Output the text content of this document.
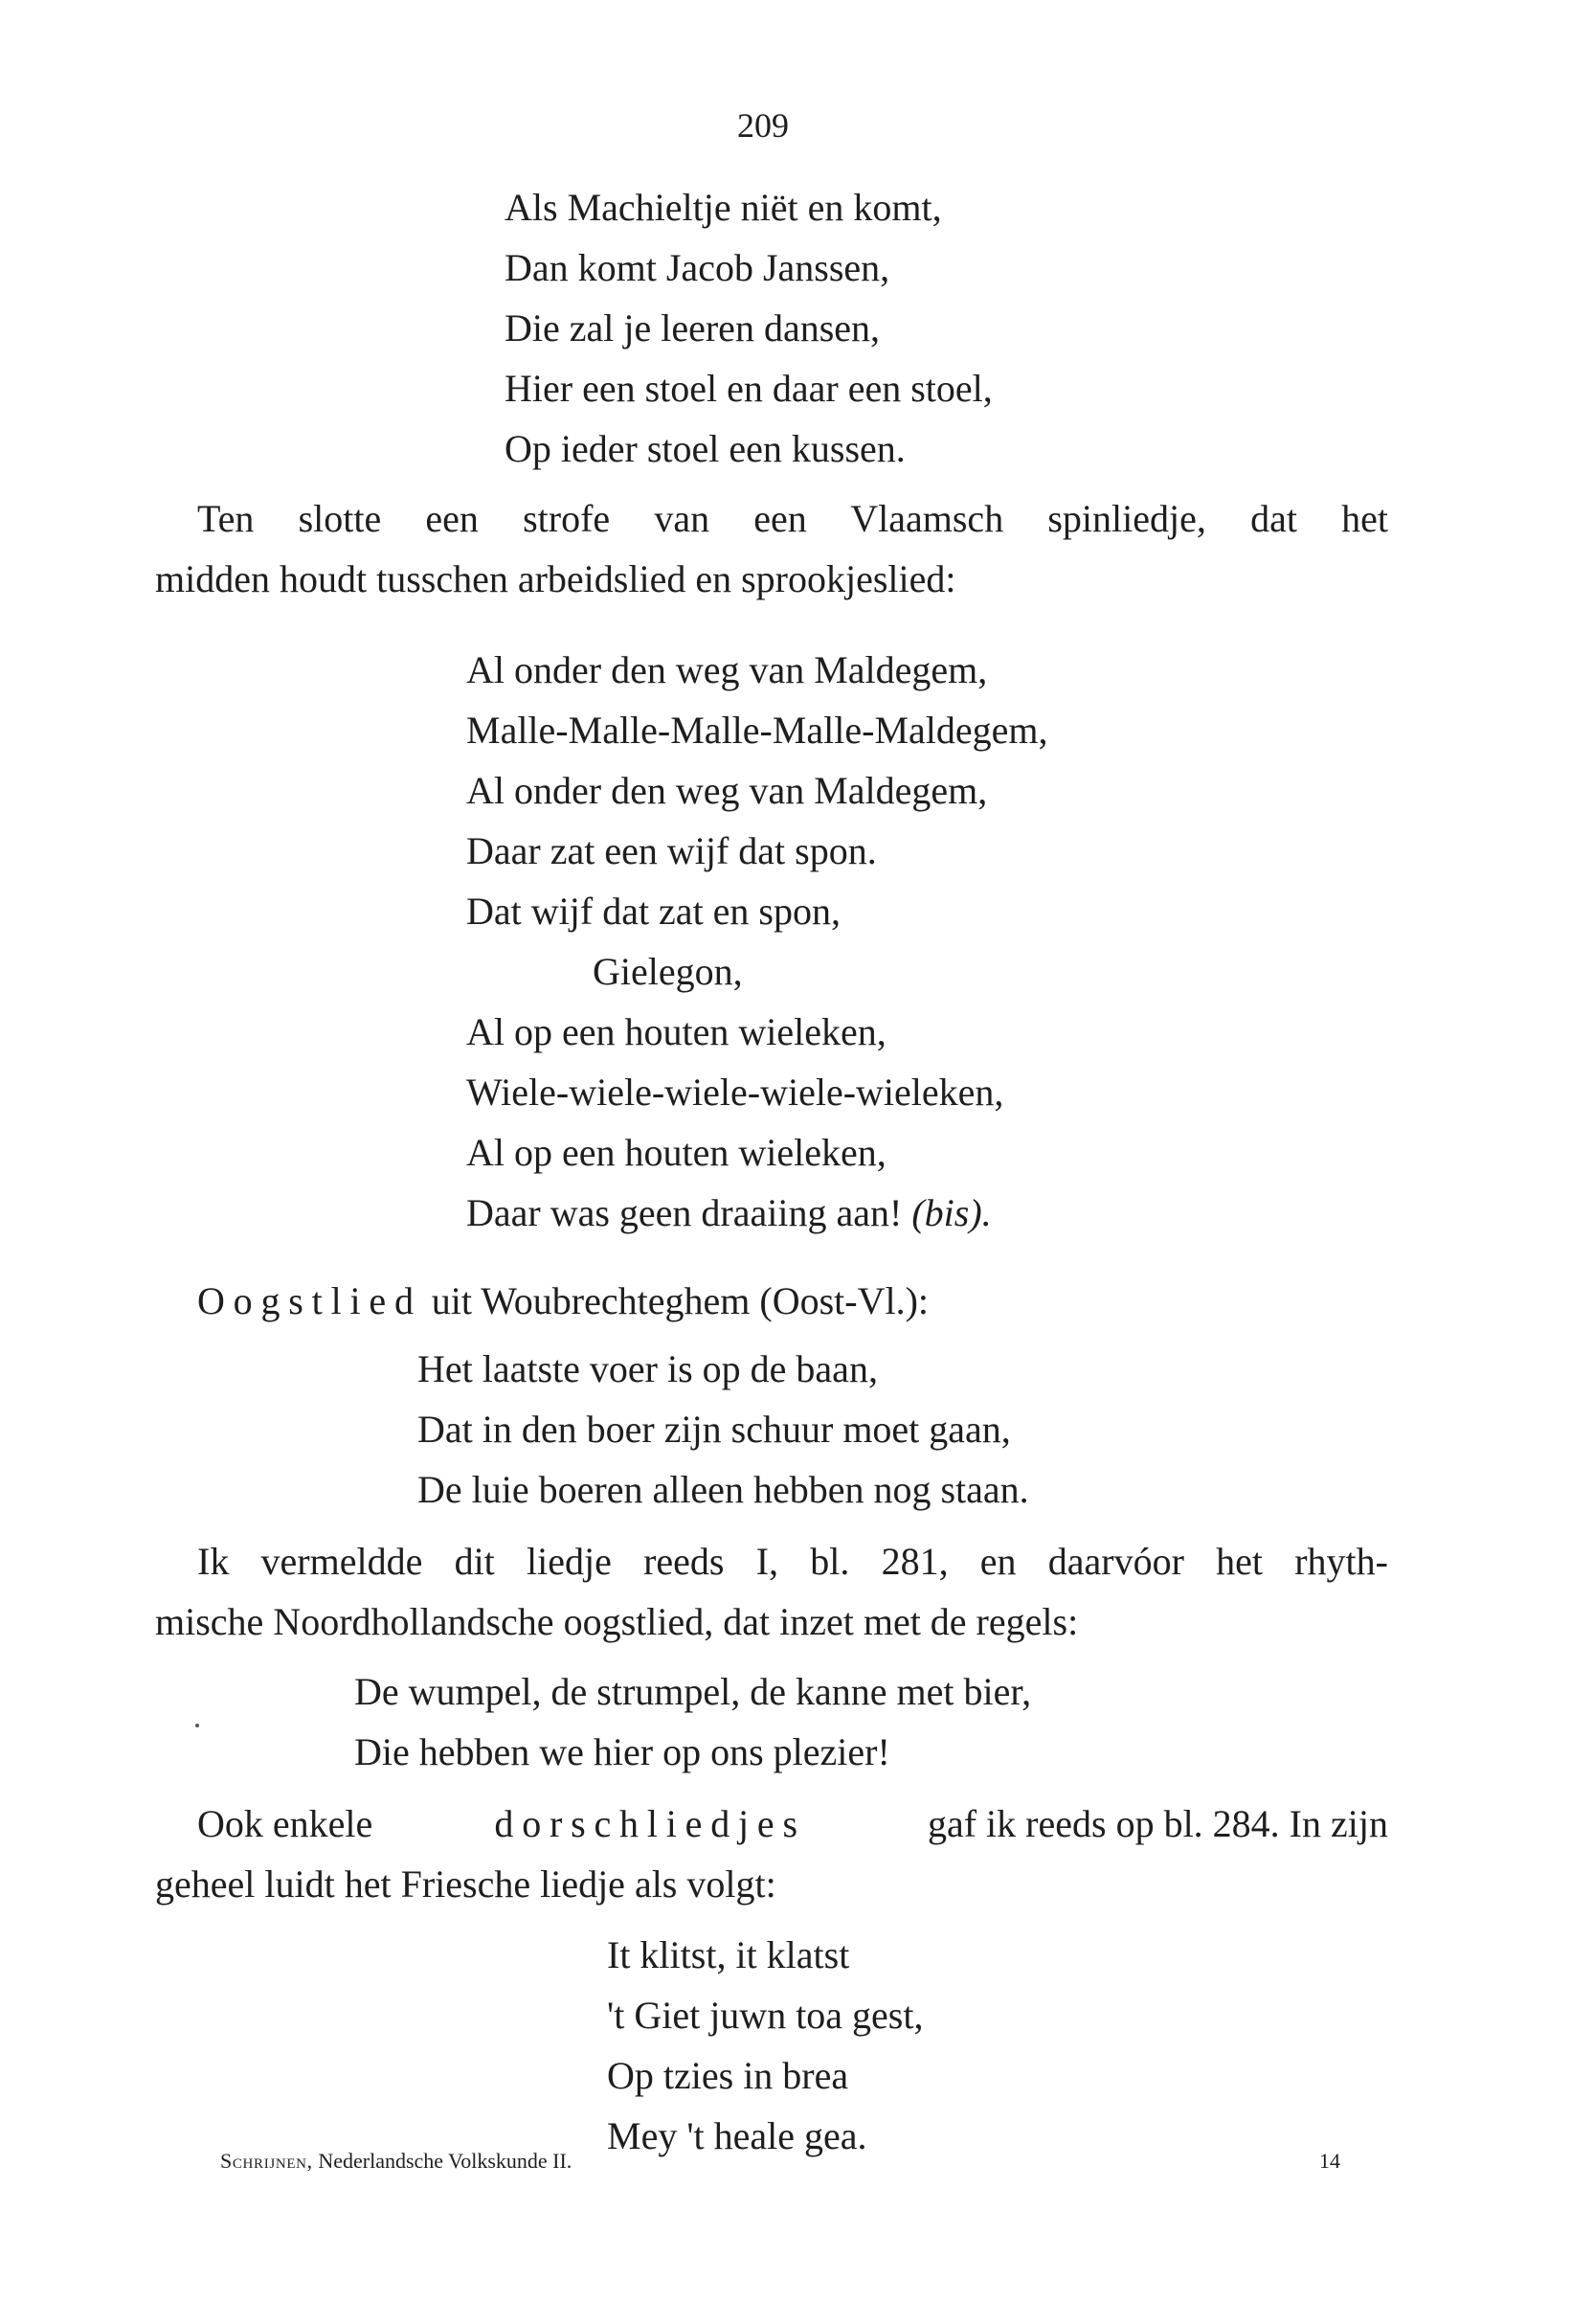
209
Als Machieltje niët en komt,
Dan komt Jacob Janssen,
Die zal je leeren dansen,
Hier een stoel en daar een stoel,
Op ieder stoel een kussen.
Ten slotte een strofe van een Vlaamsch spinliedje, dat het
midden houdt tusschen arbeidslied en sprookjeslied:
Al onder den weg van Maldegem,
Malle-Malle-Malle-Malle-Maldegem,
Al onder den weg van Maldegem,
Daar zat een wijf dat spon.
Dat wijf dat zat en spon,
Gielegon,
Al op een houten wieleken,
Wiele-wiele-wiele-wiele-wieleken,
Al op een houten wieleken,
Daar was geen draaiing aan! (bis).
Oogstlied uit Woubrechteghem (Oost-Vl.):
Het laatste voer is op de baan,
Dat in den boer zijn schuur moet gaan,
De luie boeren alleen hebben nog staan.
Ik vermeldde dit liedje reeds I, bl. 281, en daarvóor het rhyth-
mische Noordhollandsche oogstlied, dat inzet met de regels:
De wumpel, de strumpel, de kanne met bier,
Die hebben we hier op ons plezier!
Ook enkele	dorschliedjes	gaf ik reeds op bl. 284. In zijn
geheel luidt het Friesche liedje als volgt:
It klitst, it klatst
't Giet juwn toa gest,
Op tzies in brea
Mey 't heale gea.
Schrijnen, Nederlandsche Volkskunde II.	14
